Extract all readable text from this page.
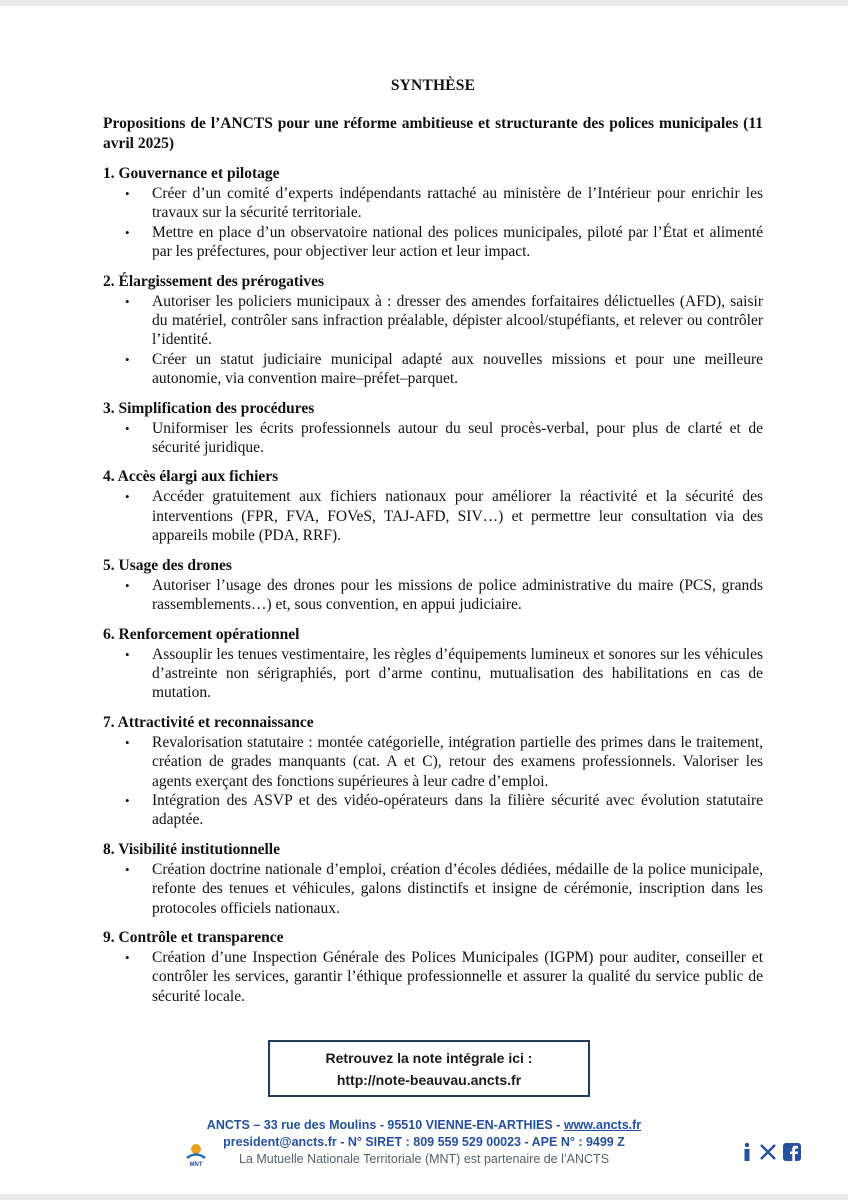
SYNTHÈSE
Propositions de l’ANCTS pour une réforme ambitieuse et structurante des polices municipales (11 avril 2025)
1. Gouvernance et pilotage
• Créer d’un comité d’experts indépendants rattaché au ministère de l’Intérieur pour enrichir les travaux sur la sécurité territoriale.
• Mettre en place d’un observatoire national des polices municipales, piloté par l’État et alimenté par les préfectures, pour objectiver leur action et leur impact.
2. Élargissement des prérogatives
• Autoriser les policiers municipaux à : dresser des amendes forfaitaires délictuelles (AFD), saisir du matériel, contrôler sans infraction préalable, dépister alcool/stupéfiants, et relever ou contrôler l’identité.
• Créer un statut judiciaire municipal adapté aux nouvelles missions et pour une meilleure autonomie, via convention maire–préfet–parquet.
3. Simplification des procédures
• Uniformiser les écrits professionnels autour du seul procès-verbal, pour plus de clarté et de sécurité juridique.
4. Accès élargi aux fichiers
• Accéder gratuitement aux fichiers nationaux pour améliorer la réactivité et la sécurité des interventions (FPR, FVA, FOVeS, TAJ-AFD, SIV…) et permettre leur consultation via des appareils mobile (PDA, RRF).
5. Usage des drones
• Autoriser l’usage des drones pour les missions de police administrative du maire (PCS, grands rassemblements…) et, sous convention, en appui judiciaire.
6. Renforcement opérationnel
• Assouplir les tenues vestimentaire, les règles d’équipements lumineux et sonores sur les véhicules d’astreinte non sérigraphiés, port d’arme continu, mutualisation des habilitations en cas de mutation.
7. Attractivité et reconnaissance
• Revalorisation statutaire : montée catégorielle, intégration partielle des primes dans le traitement, création de grades manquants (cat. A et C), retour des examens professionnels. Valoriser les agents exerçant des fonctions supérieures à leur cadre d’emploi.
• Intégration des ASVP et des vidéo-opérateurs dans la filière sécurité avec évolution statutaire adaptée.
8. Visibilité institutionnelle
• Création doctrine nationale d’emploi, création d’écoles dédiées, médaille de la police municipale, refonte des tenues et véhicules, galons distinctifs et insigne de cérémonie, inscription dans les protocoles officiels nationaux.
9. Contrôle et transparence
• Création d’une Inspection Générale des Polices Municipales (IGPM) pour auditer, conseiller et contrôler les services, garantir l’éthique professionnelle et assurer la qualité du service public de sécurité locale.
Retrouvez la note intégrale ici :
http://note-beauvau.ancts.fr
ANCTS – 33 rue des Moulins - 95510 VIENNE-EN-ARTHIES - www.ancts.fr
president@ancts.fr - N° SIRET : 809 559 529 00023 - APE N° : 9499 Z
La Mutuelle Nationale Territoriale (MNT) est partenaire de l’ANCTS
MNT
